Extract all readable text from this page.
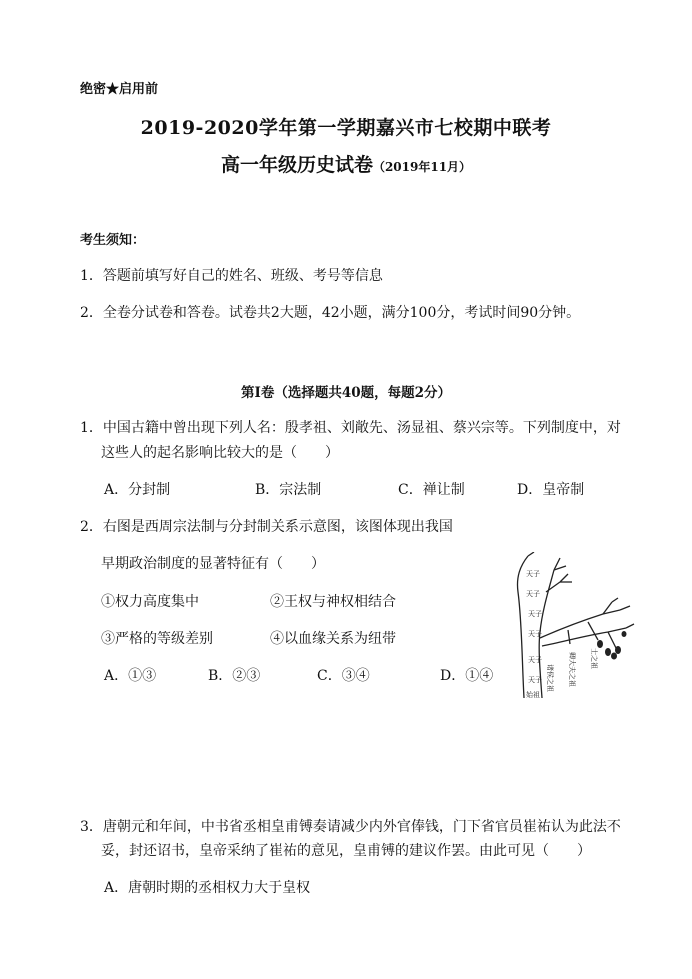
绝密★启用前
2019-2020学年第一学期嘉兴市七校期中联考
高一年级历史试卷（2019年11月）
考生须知：
1．答题前填写好自己的姓名、班级、考号等信息
2．全卷分试卷和答卷。试卷共2大题，42小题，满分100分，考试时间90分钟。
第Ⅰ卷（选择题共40题，每题2分）
1．中国古籍中曾出现下列人名：殷孝祖、刘敞先、汤显祖、蔡兴宗等。下列制度中，对
这些人的起名影响比较大的是（　　）
A．分封制	B．宗法制	C．禅让制	D．皇帝制
2．右图是西周宗法制与分封制关系示意图，该图体现出我国
早期政治制度的显著特征有（　　）
①权力高度集中	②王权与神权相结合
③严格的等级差别	④以血缘关系为纽带
A．①③	B．②③	C．③④	D．①④
天子
天子
天子
天子
天子
天子
始祖
诸侯之祖 卿大夫之祖 士之祖
3．唐朝元和年间，中书省丞相皇甫镈奏请减少内外官俸钱，门下省官员崔祐认为此法不
妥，封还诏书，皇帝采纳了崔祐的意见，皇甫镈的建议作罢。由此可见（　　）
A．唐朝时期的丞相权力大于皇权
